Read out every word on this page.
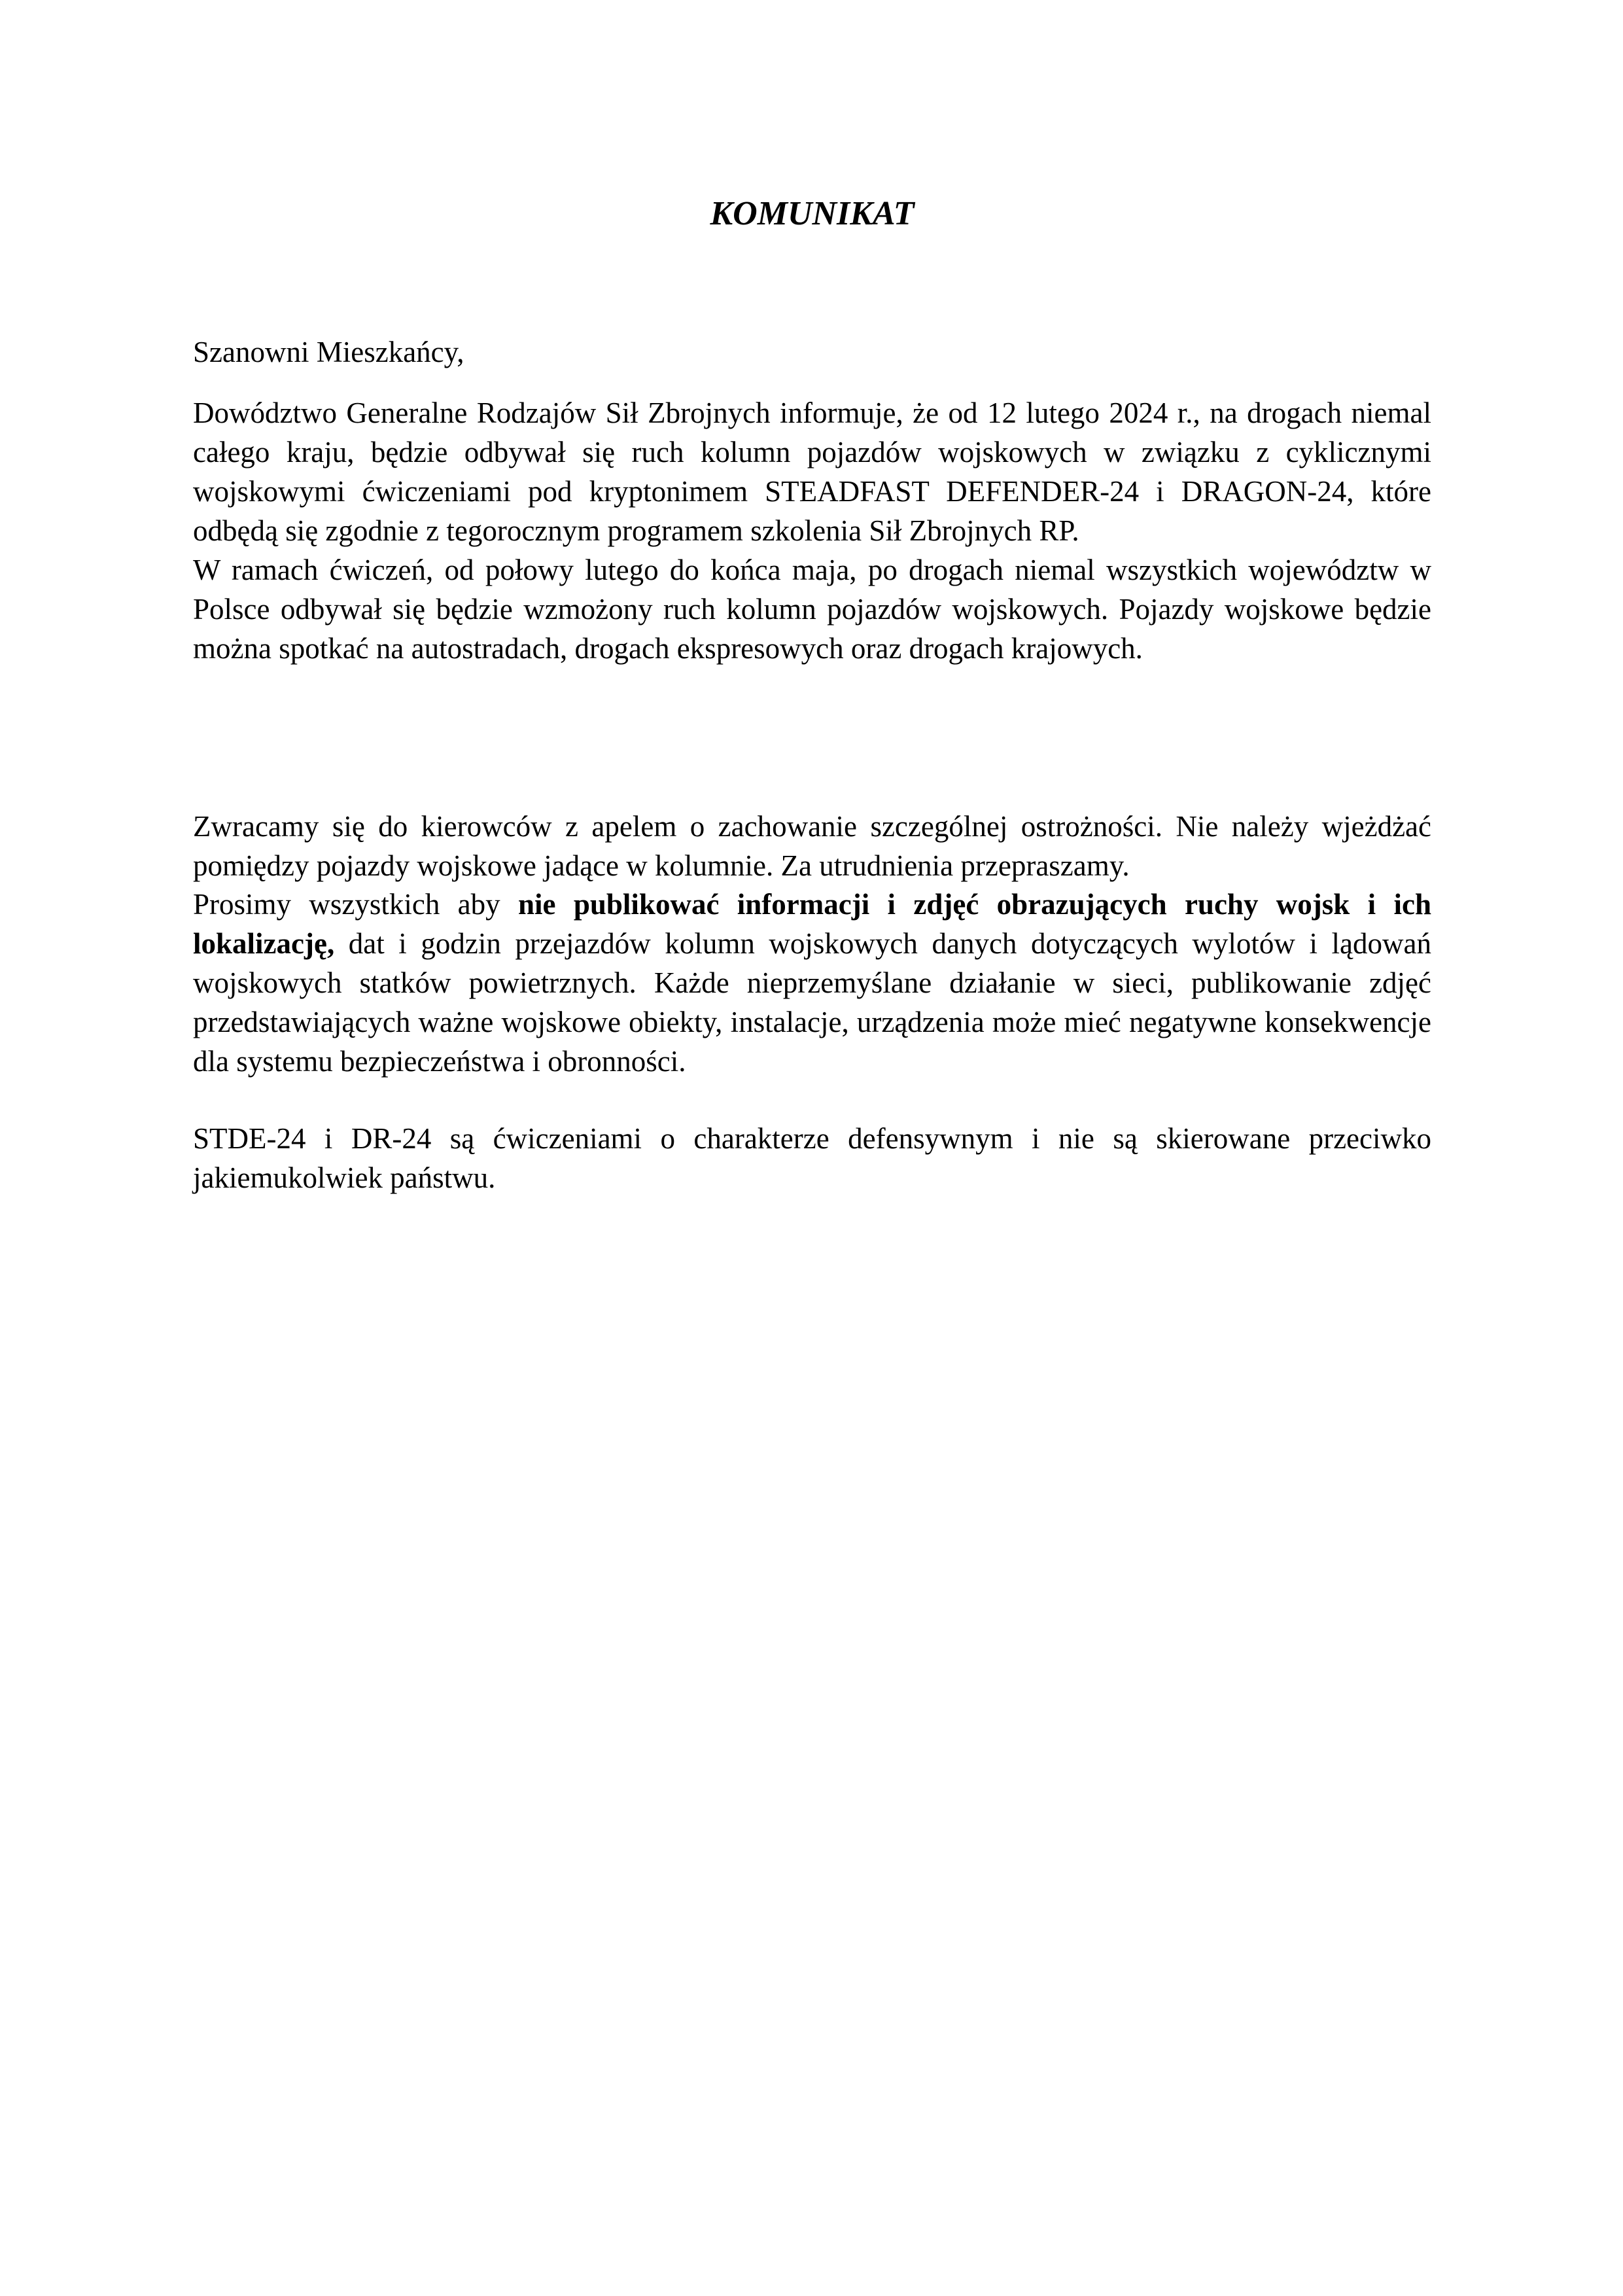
KOMUNIKAT

Szanowni Mieszkańcy,

Dowództwo Generalne Rodzajów Sił Zbrojnych informuje, że od 12 lutego 2024 r., na drogach niemal całego kraju, będzie odbywał się ruch kolumn pojazdów wojskowych w związku z cyklicznymi wojskowymi ćwiczeniami pod kryptonimem STEADFAST DEFENDER-24 i DRAGON-24, które odbędą się zgodnie z tegorocznym programem szkolenia Sił Zbrojnych RP.
W ramach ćwiczeń, od połowy lutego do końca maja, po drogach niemal wszystkich województw w Polsce odbywał się będzie wzmożony ruch kolumn pojazdów wojskowych. Pojazdy wojskowe będzie można spotkać na autostradach, drogach ekspresowych oraz drogach krajowych.

Zwracamy się do kierowców z apelem o zachowanie szczególnej ostrożności. Nie należy wjeżdżać pomiędzy pojazdy wojskowe jadące w kolumnie. Za utrudnienia przepraszamy.

Prosimy wszystkich aby nie publikować informacji i zdjęć obrazujących ruchy wojsk i ich lokalizację, dat i godzin przejazdów kolumn wojskowych danych dotyczących wylotów i lądowań wojskowych statków powietrznych. Każde nieprzemyślane działanie w sieci, publikowanie zdjęć przedstawiających ważne wojskowe obiekty, instalacje, urządzenia może mieć negatywne konsekwencje dla systemu bezpieczeństwa i obronności.

STDE-24 i DR-24 są ćwiczeniami o charakterze defensywnym i nie są skierowane przeciwko jakiemukolwiek państwu.
